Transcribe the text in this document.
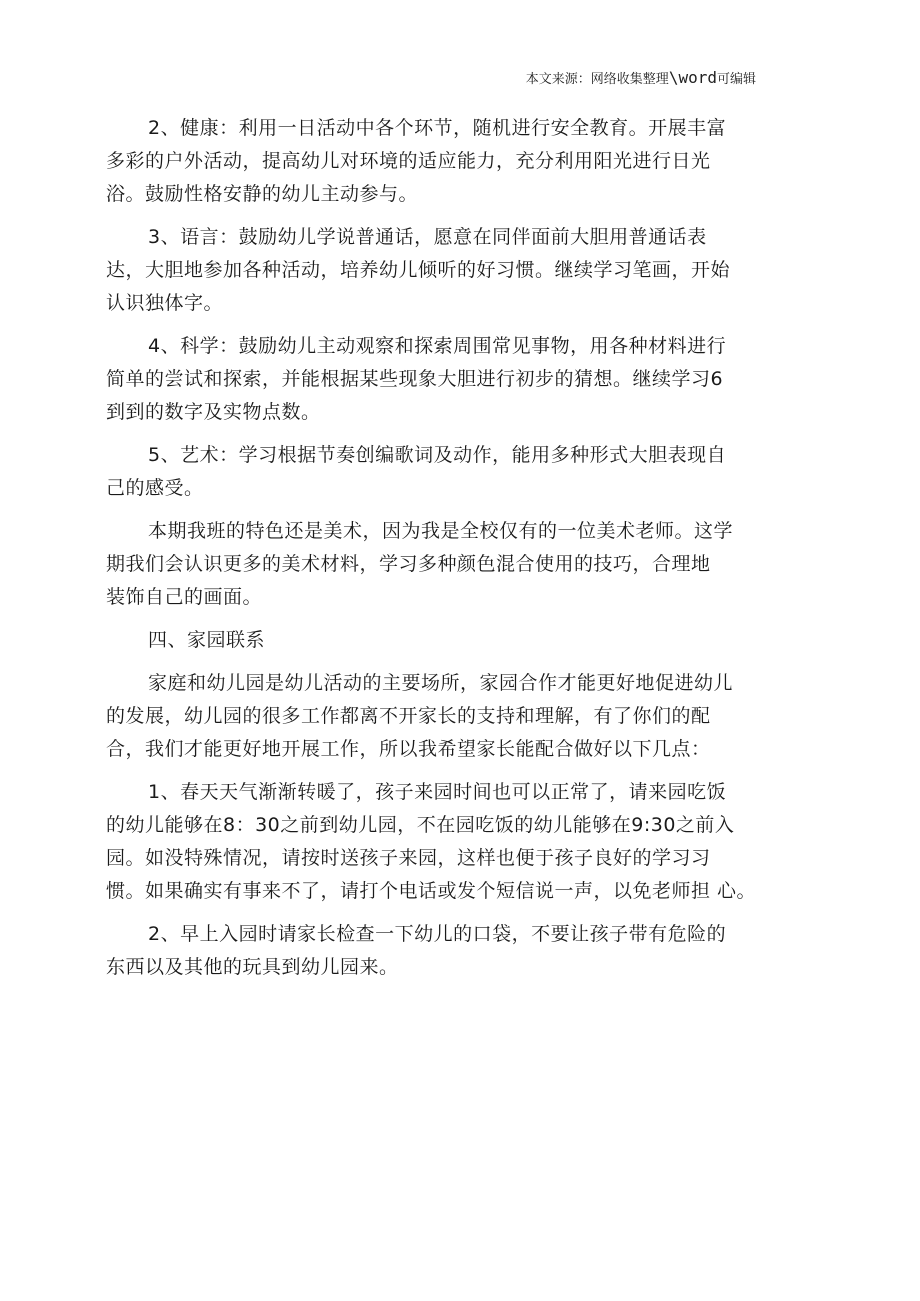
本文来源：网络收集整理\word可编辑

2、健康：利用一日活动中各个环节，随机进行安全教育。开展丰富
多彩的户外活动，提高幼儿对环境的适应能力，充分利用阳光进行日光
浴。鼓励性格安静的幼儿主动参与。

3、语言：鼓励幼儿学说普通话，愿意在同伴面前大胆用普通话表
达，大胆地参加各种活动，培养幼儿倾听的好习惯。继续学习笔画，开始
认识独体字。

4、科学：鼓励幼儿主动观察和探索周围常见事物，用各种材料进行
简单的尝试和探索，并能根据某些现象大胆进行初步的猜想。继续学习6
到到的数字及实物点数。

5、艺术：学习根据节奏创编歌词及动作，能用多种形式大胆表现自
己的感受。

本期我班的特色还是美术，因为我是全校仅有的一位美术老师。这学
期我们会认识更多的美术材料，学习多种颜色混合使用的技巧，合理地
装饰自己的画面。

四、家园联系

家庭和幼儿园是幼儿活动的主要场所，家园合作才能更好地促进幼儿
的发展，幼儿园的很多工作都离不开家长的支持和理解，有了你们的配
合，我们才能更好地开展工作，所以我希望家长能配合做好以下几点：

1、春天天气渐渐转暖了，孩子来园时间也可以正常了，请来园吃饭
的幼儿能够在8：30之前到幼儿园，不在园吃饭的幼儿能够在9:30之前入
园。如没特殊情况，请按时送孩子来园，这样也便于孩子良好的学习习
惯。如果确实有事来不了，请打个电话或发个短信说一声，以免老师担 心。

2、早上入园时请家长检查一下幼儿的口袋，不要让孩子带有危险的
东西以及其他的玩具到幼儿园来。
